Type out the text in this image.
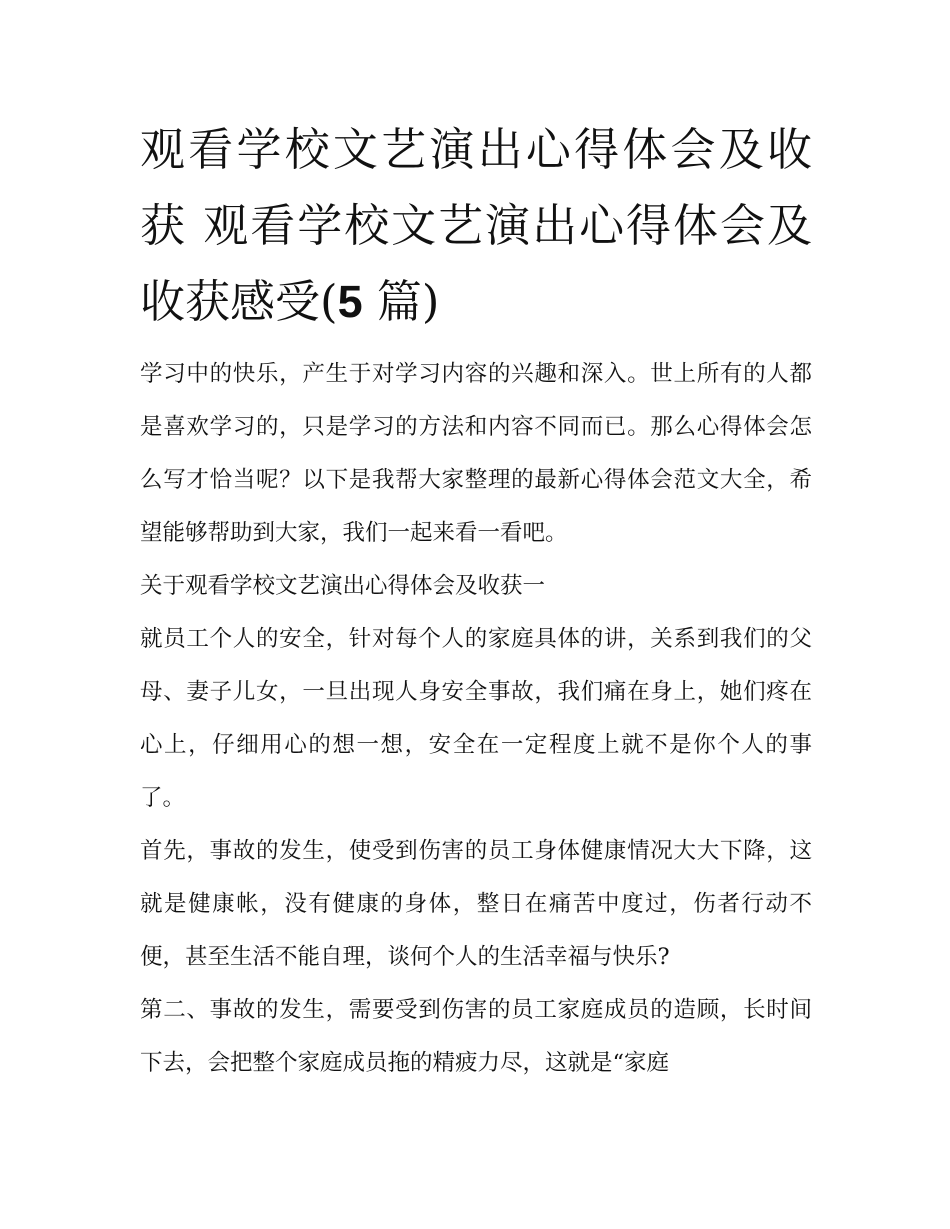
观看学校文艺演出心得体会及收获 观看学校文艺演出心得体会及收获感受(5 篇)

学习中的快乐，产生于对学习内容的兴趣和深入。世上所有的人都是喜欢学习的，只是学习的方法和内容不同而已。那么心得体会怎么写才恰当呢？以下是我帮大家整理的最新心得体会范文大全，希望能够帮助到大家，我们一起来看一看吧。

关于观看学校文艺演出心得体会及收获一

就员工个人的安全，针对每个人的家庭具体的讲，关系到我们的父母、妻子儿女，一旦出现人身安全事故，我们痛在身上，她们疼在心上，仔细用心的想一想，安全在一定程度上就不是你个人的事了。

首先，事故的发生，使受到伤害的员工身体健康情况大大下降，这就是健康帐，没有健康的身体，整日在痛苦中度过，伤者行动不便，甚至生活不能自理，谈何个人的生活幸福与快乐?

第二、事故的发生，需要受到伤害的员工家庭成员的造顾，长时间下去，会把整个家庭成员拖的精疲力尽，这就是“家庭
